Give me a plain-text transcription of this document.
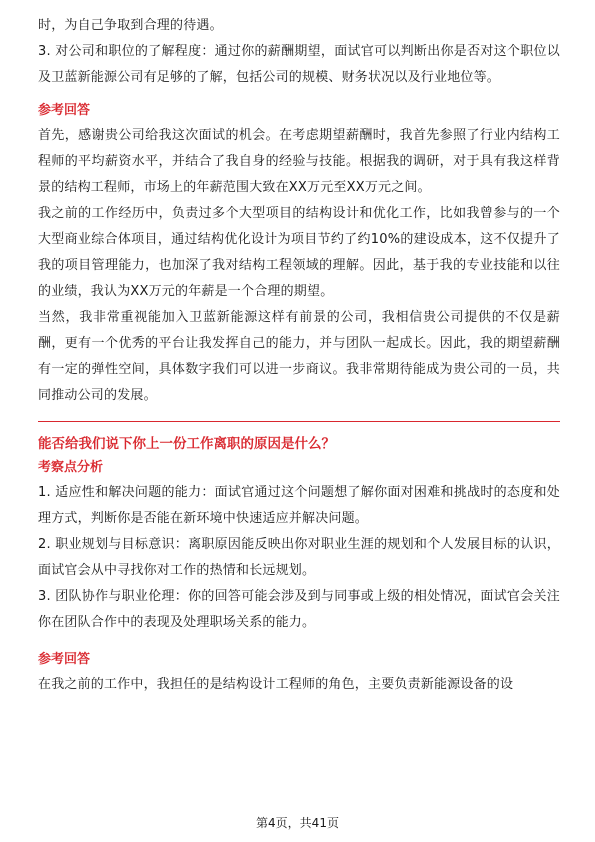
时，为自己争取到合理的待遇。

3. 对公司和职位的了解程度：通过你的薪酬期望，面试官可以判断出你是否对这个职位以及卫蓝新能源公司有足够的了解，包括公司的规模、财务状况以及行业地位等。

参考回答

首先，感谢贵公司给我这次面试的机会。在考虑期望薪酬时，我首先参照了行业内结构工程师的平均薪资水平，并结合了我自身的经验与技能。根据我的调研，对于具有我这样背景的结构工程师，市场上的年薪范围大致在XX万元至XX万元之间。

我之前的工作经历中，负责过多个大型项目的结构设计和优化工作，比如我曾参与的一个大型商业综合体项目，通过结构优化设计为项目节约了约10%的建设成本，这不仅提升了我的项目管理能力，也加深了我对结构工程领域的理解。因此，基于我的专业技能和以往的业绩，我认为XX万元的年薪是一个合理的期望。

当然，我非常重视能加入卫蓝新能源这样有前景的公司，我相信贵公司提供的不仅是薪酬，更有一个优秀的平台让我发挥自己的能力，并与团队一起成长。因此，我的期望薪酬有一定的弹性空间，具体数字我们可以进一步商议。我非常期待能成为贵公司的一员，共同推动公司的发展。

能否给我们说下你上一份工作离职的原因是什么？
考察点分析

1. 适应性和解决问题的能力：面试官通过这个问题想了解你面对困难和挑战时的态度和处理方式，判断你是否能在新环境中快速适应并解决问题。

2. 职业规划与目标意识：离职原因能反映出你对职业生涯的规划和个人发展目标的认识，面试官会从中寻找你对工作的热情和长远规划。

3. 团队协作与职业伦理：你的回答可能会涉及到与同事或上级的相处情况，面试官会关注你在团队合作中的表现及处理职场关系的能力。

参考回答

在我之前的工作中，我担任的是结构设计工程师的角色，主要负责新能源设备的设

第4页，共41页
